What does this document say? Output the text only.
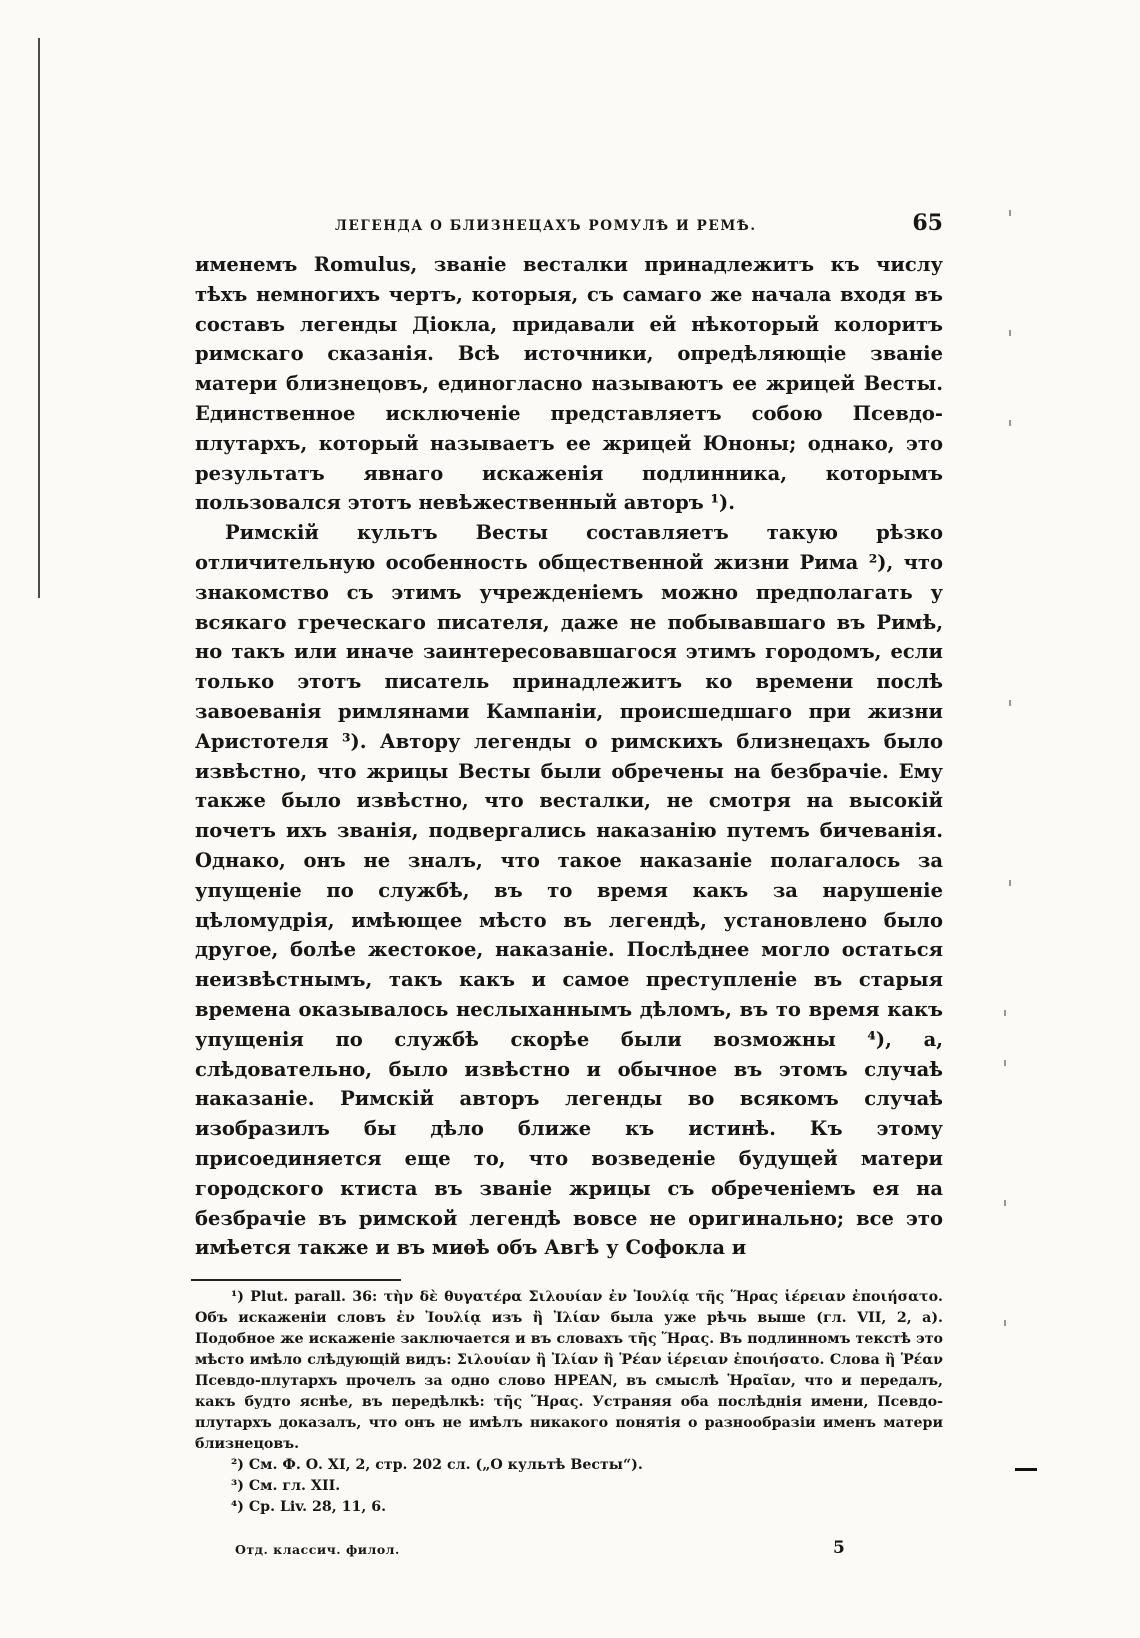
ЛЕГЕНДА О БЛИЗНЕЦАХЪ РОМУЛѢ И РЕМѢ.	65

именемъ Romulus, званіе весталки принадлежитъ къ числу тѣхъ немногихъ чертъ, которыя, съ самаго же начала входя въ составъ легенды Діокла, придавали ей нѣкоторый колоритъ римскаго сказанія. Всѣ источники, опредѣляющіе званіе матери близнецовъ, единогласно называютъ ее жрицей Весты. Единственное исключеніе представляетъ собою Псевдо-плутархъ, который называетъ ее жрицей Юноны; однако, это результатъ явнаго искаженія подлинника, которымъ пользовался этотъ невѣжественный авторъ ¹).

Римскій культъ Весты составляетъ такую рѣзко отличительную особенность общественной жизни Рима ²), что знакомство съ этимъ учрежденіемъ можно предполагать у всякаго греческаго писателя, даже не побывавшаго въ Римѣ, но такъ или иначе заинтересовавшагося этимъ городомъ, если только этотъ писатель принадлежитъ ко времени послѣ завоеванія римлянами Кампаніи, происшедшаго при жизни Аристотеля ³). Автору легенды о римскихъ близнецахъ было извѣстно, что жрицы Весты были обречены на безбрачіе. Ему также было извѣстно, что весталки, не смотря на высокій почетъ ихъ званія, подвергались наказанію путемъ бичеванія. Однако, онъ не зналъ, что такое наказаніе полагалось за упущеніе по службѣ, въ то время какъ за нарушеніе цѣломудрія, имѣющее мѣсто въ легендѣ, установлено было другое, болѣе жестокое, наказаніе. Послѣднее могло остаться неизвѣстнымъ, такъ какъ и самое преступленіе въ старыя времена оказывалось неслыханнымъ дѣломъ, въ то время какъ упущенія по службѣ скорѣе были возможны ⁴), а, слѣдовательно, было извѣстно и обычное въ этомъ случаѣ наказаніе. Римскій авторъ легенды во всякомъ случаѣ изобразилъ бы дѣло ближе къ истинѣ. Къ этому присоединяется еще то, что возведеніе будущей матери городского ктиста въ званіе жрицы съ обреченіемъ ея на безбрачіе въ римской легендѣ вовсе не оригинально; все это имѣется также и въ миѳѣ объ Авгѣ у Софокла и

¹) Plut. parall. 36: τὴν δὲ θυγατέρα Σιλουίαν ἐν Ἰουλίᾳ τῆς Ἥρας ἱέρειαν ἐποιήσατο. Объ искаженіи словъ ἐν Ἰουλίᾳ изъ ἢ Ἰλίαν была уже рѣчь выше (гл. VII, 2, а). Подобное же искаженіе заключается и въ словахъ τῆς Ἥρας. Въ подлинномъ текстѣ это мѣсто имѣло слѣдующій видъ: Σιλουίαν ἢ Ἰλίαν ἢ Ῥέαν ἱέρειαν ἐποιήσατο. Слова ἢ Ῥέαν Псевдо-плутархъ прочелъ за одно слово ΗΡΕΑΝ, въ смыслѣ Ἡραῖαν, что и передалъ, какъ будто яснѣе, въ передѣлкѣ: τῆς Ἥρας. Устраняя оба послѣднія имени, Псевдо-плутархъ доказалъ, что онъ не имѣлъ никакого понятія о разнообразіи именъ матери близнецовъ.

²) См. Ф. О. XI, 2, стр. 202 сл. („О культѣ Весты“).

³) См. гл. XII.

⁴) Ср. Liv. 28, 11, 6.

Отд. классич. филол.	5
